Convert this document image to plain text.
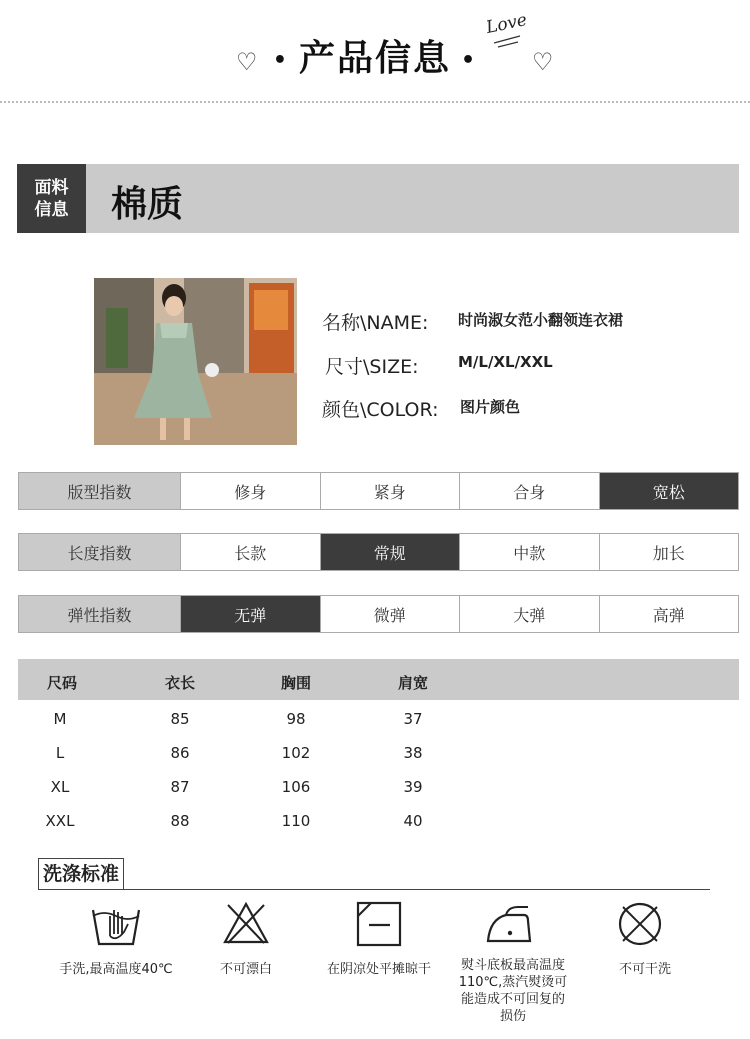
♡ • 产品信息 •
Love
♡
面料
信息 棉质
名称\NAME: 时尚淑女范小翻领连衣裙
尺寸\SIZE:	M/L/XL/XXL
颜色\COLOR: 图片颜色
版型指数	修身	紧身	合身	宽松
长度指数	长款	常规	中款	加长
弹性指数	无弹	微弹	大弹	高弹
尺码	衣长	胸围	肩宽
M	85	98	37
L	86	102	38
XL	87	106	39
XXL	88	110	40
洗涤标准
手洗,最高温度40℃	不可漂白	在阴凉处平摊晾干	熨斗底板最高温度110℃,蒸汽熨烫可能造成不可回复的损伤
不可干洗
